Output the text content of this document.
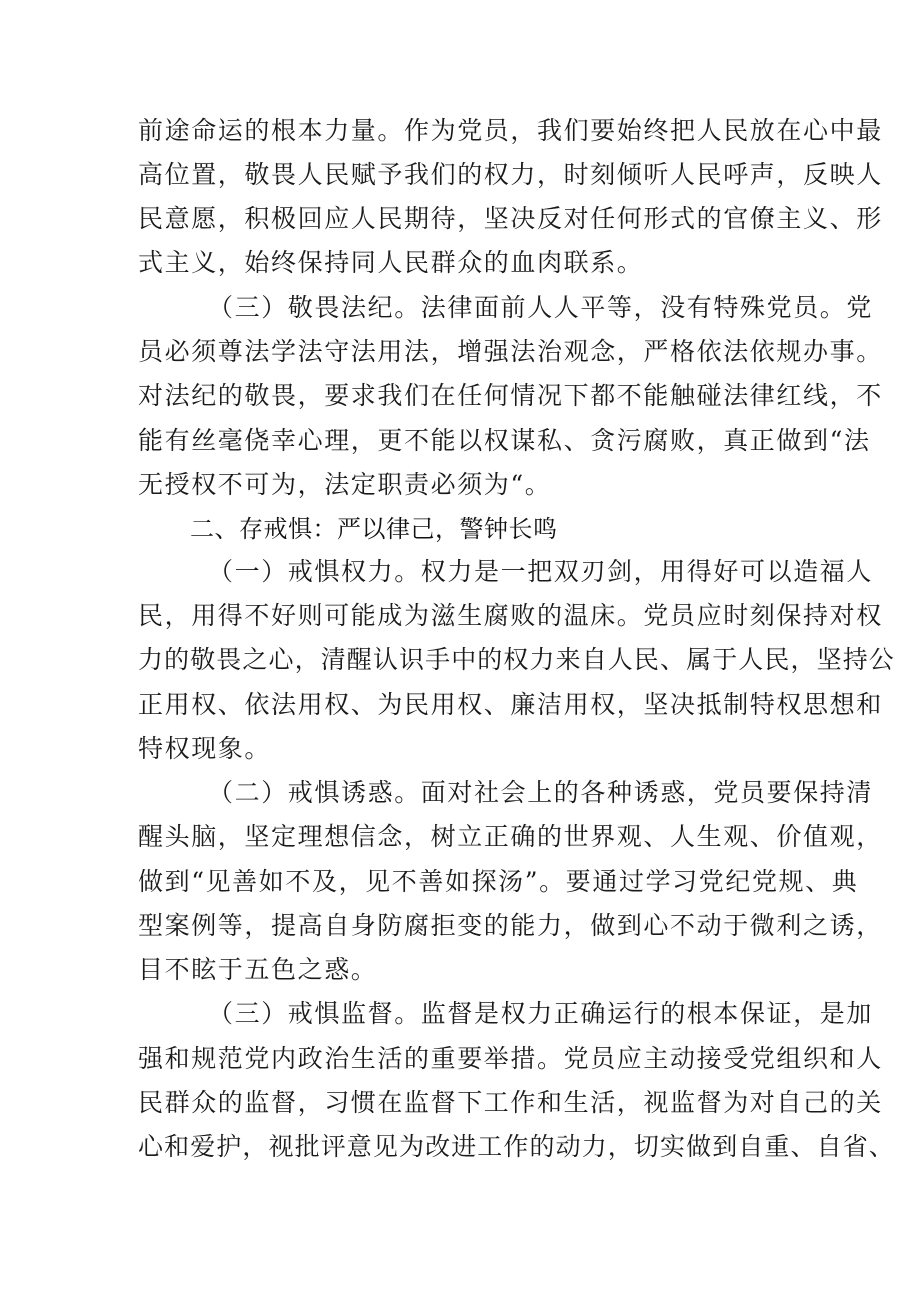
前途命运的根本力量。作为党员，我们要始终把人民放在心中最
高位置，敬畏人民赋予我们的权力，时刻倾听人民呼声，反映人
民意愿，积极回应人民期待，坚决反对任何形式的官僚主义、形
式主义，始终保持同人民群众的血肉联系。
（三）敬畏法纪。法律面前人人平等，没有特殊党员。党
员必须尊法学法守法用法，增强法治观念，严格依法依规办事。
对法纪的敬畏，要求我们在任何情况下都不能触碰法律红线，不
能有丝毫侥幸心理，更不能以权谋私、贪污腐败，真正做到“法
无授权不可为，法定职责必须为“。
二、存戒惧：严以律己，警钟长鸣
（一）戒惧权力。权力是一把双刃剑，用得好可以造福人
民，用得不好则可能成为滋生腐败的温床。党员应时刻保持对权
力的敬畏之心，清醒认识手中的权力来自人民、属于人民，坚持公
正用权、依法用权、为民用权、廉洁用权，坚决抵制特权思想和
特权现象。
（二）戒惧诱惑。面对社会上的各种诱惑，党员要保持清
醒头脑，坚定理想信念，树立正确的世界观、人生观、价值观，
做到“见善如不及，见不善如探汤”。要通过学习党纪党规、典
型案例等，提高自身防腐拒变的能力，做到心不动于微利之诱，
目不眩于五色之惑。
（三）戒惧监督。监督是权力正确运行的根本保证，是加
强和规范党内政治生活的重要举措。党员应主动接受党组织和人
民群众的监督，习惯在监督下工作和生活，视监督为对自己的关
心和爱护，视批评意见为改进工作的动力，切实做到自重、自省、
